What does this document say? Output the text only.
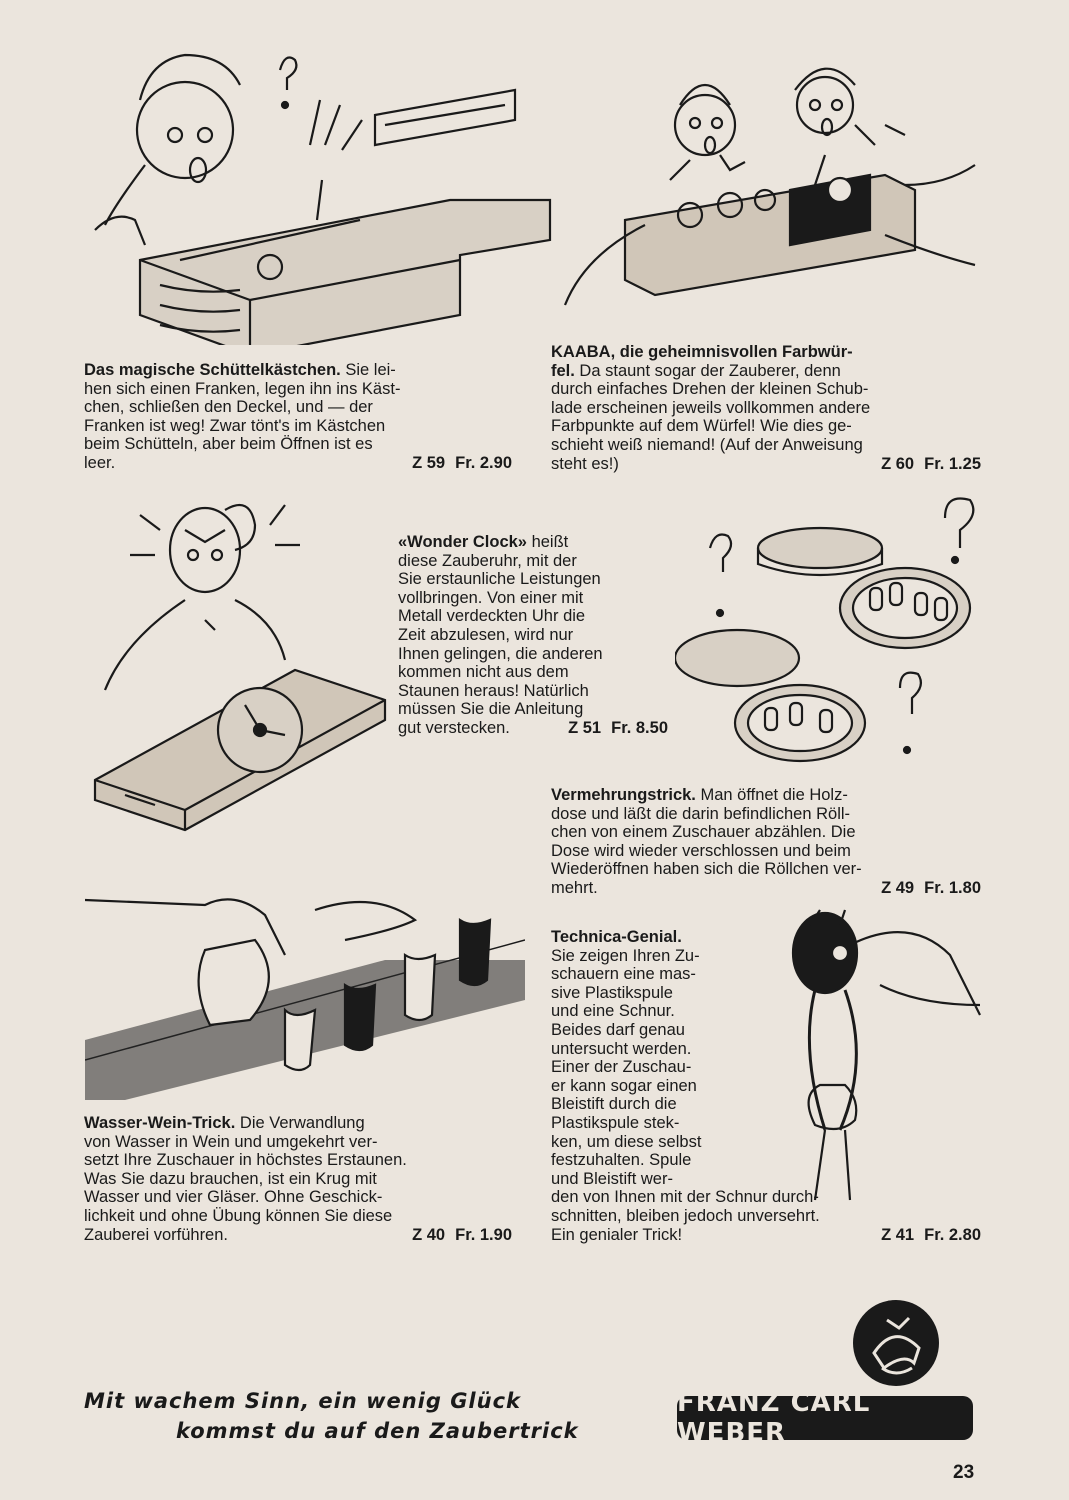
Das magische Schüttelkästchen. Sie lei-
hen sich einen Franken, legen ihn ins Käst-
chen, schließen den Deckel, und — der
Franken ist weg! Zwar tönt's im Kästchen
beim Schütteln, aber beim Öffnen ist es
leer.	Z 59 Fr. 2.90
KAABA, die geheimnisvollen Farbwür-
fel. Da staunt sogar der Zauberer, denn
durch einfaches Drehen der kleinen Schub-
lade erscheinen jeweils vollkommen andere
Farbpunkte auf dem Würfel! Wie dies ge-
schieht weiß niemand! (Auf der Anweisung
steht es!)	Z 60 Fr. 1.25
«Wonder Clock» heißt
diese Zauberuhr, mit der
Sie erstaunliche Leistungen
vollbringen. Von einer mit
Metall verdeckten Uhr die
Zeit abzulesen, wird nur
Ihnen gelingen, die anderen
kommen nicht aus dem
Staunen heraus! Natürlich
müssen Sie die Anleitung
gut verstecken.	Z 51 Fr. 8.50
Vermehrungstrick. Man öffnet die Holz-
dose und läßt die darin befindlichen Röll-
chen von einem Zuschauer abzählen. Die
Dose wird wieder verschlossen und beim
Wiederöffnen haben sich die Röllchen ver-
mehrt.	Z 49 Fr. 1.80
Technica-Genial.

Sie zeigen Ihren Zu-
schauern eine mas-
sive Plastikspule
und eine Schnur.
Beides darf genau
untersucht werden.
Einer der Zuschau-
er kann sogar einen
Bleistift durch die
Plastikspule stek-
ken, um diese selbst
festzuhalten. Spule
und Bleistift wer-
den von Ihnen mit der Schnur durch-
schnitten, bleiben jedoch unversehrt.
Ein genialer Trick!	Z 41 Fr. 2.80
Wasser-Wein-Trick. Die Verwandlung
von Wasser in Wein und umgekehrt ver-
setzt Ihre Zuschauer in höchstes Erstaunen.
Was Sie dazu brauchen, ist ein Krug mit
Wasser und vier Gläser. Ohne Geschick-
lichkeit und ohne Übung können Sie diese
Zauberei vorführen.	Z 40 Fr. 1.90
Mit wachem Sinn, ein wenig Glück
kommst du auf den Zaubertrick
FRANZ CARL WEBER
23
